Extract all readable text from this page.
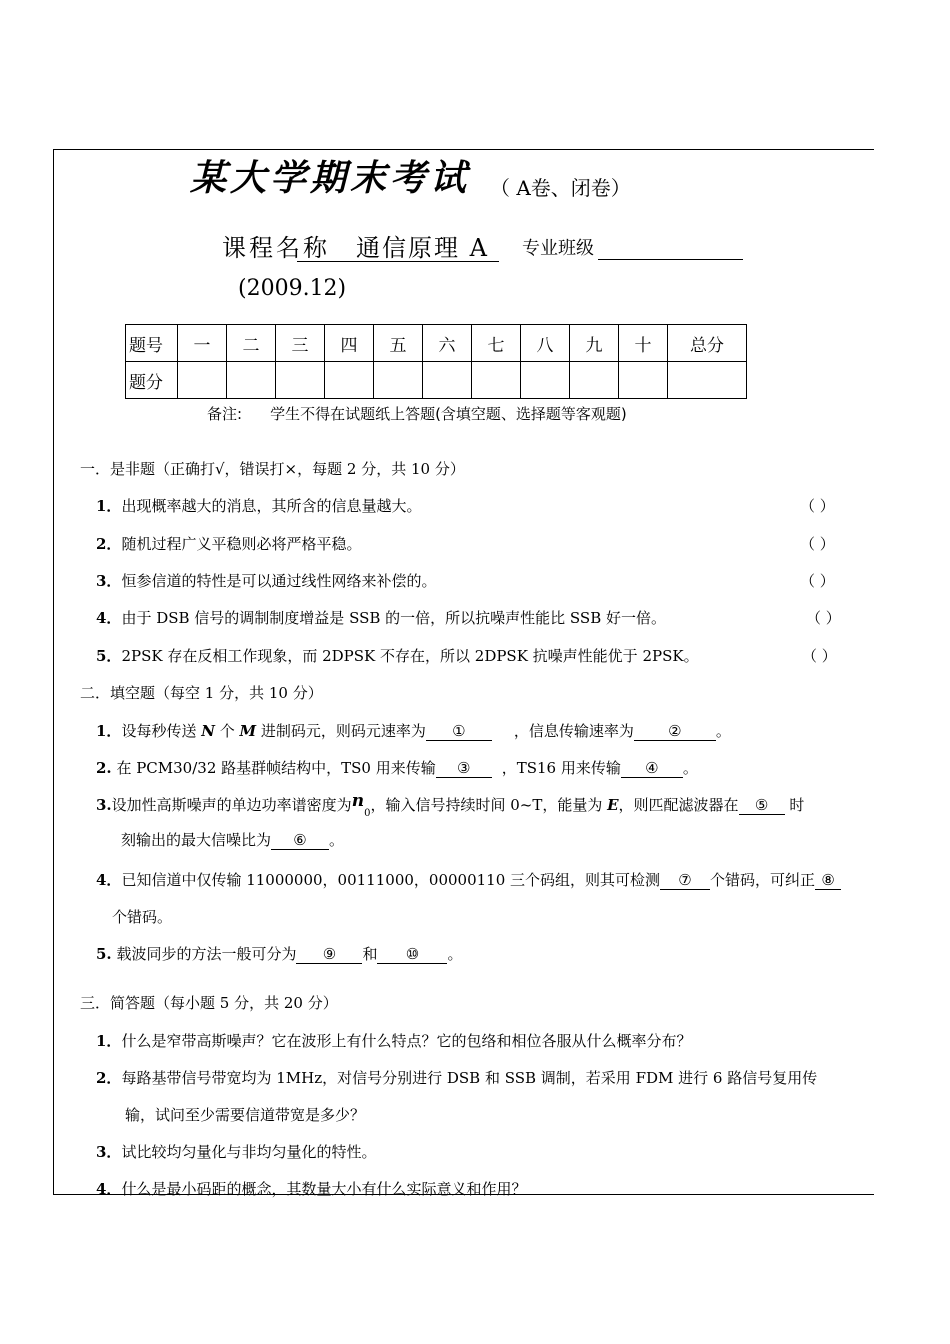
某大学期末考试 （ A卷、闭卷）
课程名称 通信原理 A 专业班级
(2009.12)
题号	一	二	三	四	五	六	七	八	九	十	总分
题分											
备注: 学生不得在试题纸上答题(含填空题、选择题等客观题)
一．是非题（正确打√，错误打×，每题 2 分，共 10 分）
1．出现概率越大的消息，其所含的信息量越大。	（ ）
2．随机过程广义平稳则必将严格平稳。	（ ）
3．恒参信道的特性是可以通过线性网络来补偿的。	（ ）
4．由于 DSB 信号的调制制度增益是 SSB 的一倍，所以抗噪声性能比 SSB 好一倍。	（ ）
5．2PSK 存在反相工作现象，而 2DPSK 不存在，所以 2DPSK 抗噪声性能优于 2PSK。	（ ）
二．填空题（每空 1 分，共 10 分）
1．设每秒传送 N 个 M 进制码元，则码元速率为 ①	，信息传输速率为 ② 。
2. 在 PCM30/32 路基群帧结构中，TS0 用来传输 ③ ，TS16 用来传输 ④ 。
3.设加性高斯噪声的单边功率谱密度为$n_0$，输入信号持续时间 0~T，能量为 E，则匹配滤波器在 ⑤ 时
刻输出的最大信噪比为 ⑥ 。
4．已知信道中仅传输 11000000，00111000，00000110 三个码组，则其可检测 ⑦ 个错码，可纠正 ⑧
个错码。
5. 载波同步的方法一般可分为 ⑨ 和 ⑩ 。
三．简答题（每小题 5 分，共 20 分）
1．什么是窄带高斯噪声？它在波形上有什么特点？它的包络和相位各服从什么概率分布？
2．每路基带信号带宽均为 1MHz，对信号分别进行 DSB 和 SSB 调制，若采用 FDM 进行 6 路信号复用传
输，试问至少需要信道带宽是多少？
3．试比较均匀量化与非均匀量化的特性。
4．什么是最小码距的概念，其数量大小有什么实际意义和作用？
